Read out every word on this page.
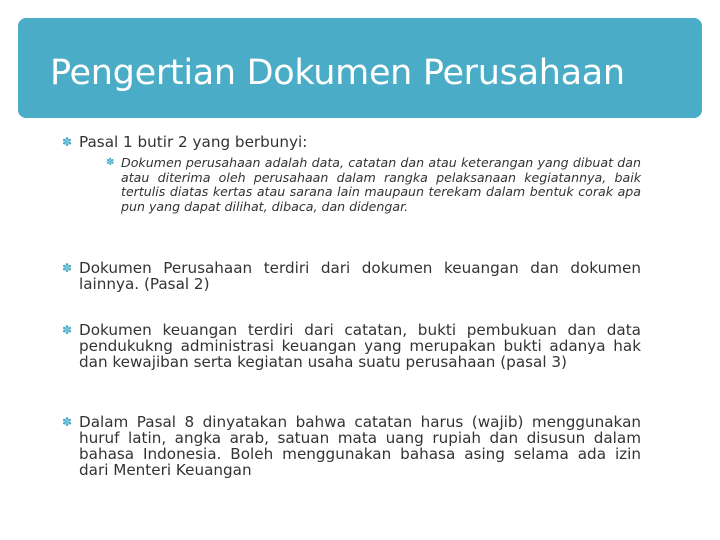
Pengertian Dokumen Perusahaan
✽ Pasal 1 butir 2 yang berbunyi:
✽ Dokumen perusahaan adalah data, catatan dan atau keterangan yang dibuat dan atau diterima oleh perusahaan dalam rangka pelaksanaan kegiatannya, baik tertulis diatas kertas atau sarana lain maupaun terekam dalam bentuk corak apa pun yang dapat dilihat, dibaca, dan didengar.
✽ Dokumen Perusahaan terdiri dari dokumen keuangan dan dokumen lainnya. (Pasal 2)
✽ Dokumen keuangan terdiri dari catatan, bukti pembukuan dan data pendukukng administrasi keuangan yang merupakan bukti adanya hak dan kewajiban serta kegiatan usaha suatu perusahaan (pasal 3)
✽ Dalam Pasal 8 dinyatakan bahwa catatan harus (wajib) menggunakan huruf latin, angka arab, satuan mata uang rupiah dan disusun dalam bahasa Indonesia. Boleh menggunakan bahasa asing selama ada izin dari Menteri Keuangan
